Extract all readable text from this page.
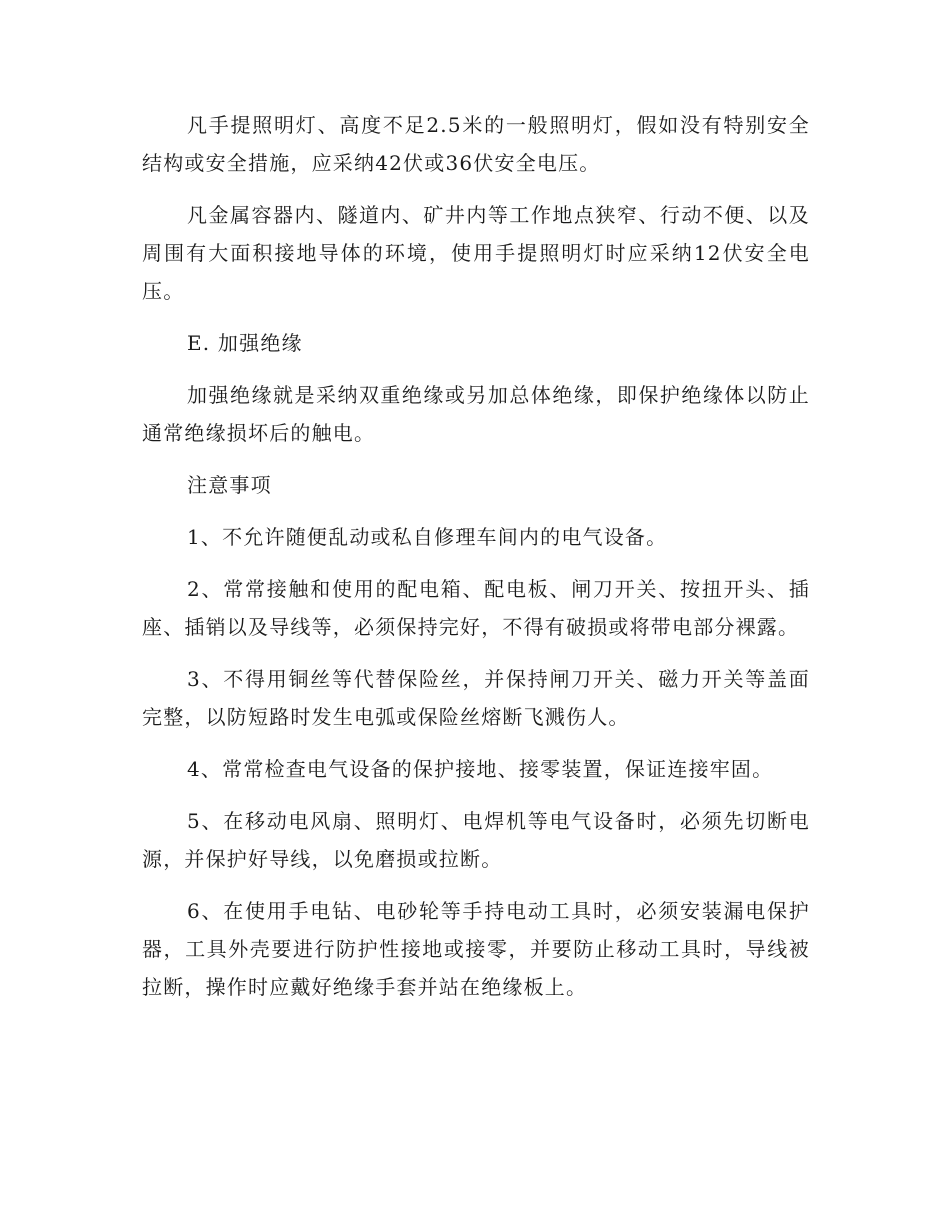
凡手提照明灯、高度不足2.5米的一般照明灯，假如没有特别安全结构或安全措施，应采纳42伏或36伏安全电压。

凡金属容器内、隧道内、矿井内等工作地点狭窄、行动不便、以及周围有大面积接地导体的环境，使用手提照明灯时应采纳12伏安全电压。

E. 加强绝缘

加强绝缘就是采纳双重绝缘或另加总体绝缘，即保护绝缘体以防止通常绝缘损坏后的触电。

注意事项

1、不允许随便乱动或私自修理车间内的电气设备。

2、常常接触和使用的配电箱、配电板、闸刀开关、按扭开头、插座、插销以及导线等，必须保持完好，不得有破损或将带电部分裸露。

3、不得用铜丝等代替保险丝，并保持闸刀开关、磁力开关等盖面完整，以防短路时发生电弧或保险丝熔断飞溅伤人。

4、常常检查电气设备的保护接地、接零装置，保证连接牢固。

5、在移动电风扇、照明灯、电焊机等电气设备时，必须先切断电源，并保护好导线，以免磨损或拉断。

6、在使用手电钻、电砂轮等手持电动工具时，必须安装漏电保护器，工具外壳要进行防护性接地或接零，并要防止移动工具时，导线被拉断，操作时应戴好绝缘手套并站在绝缘板上。
